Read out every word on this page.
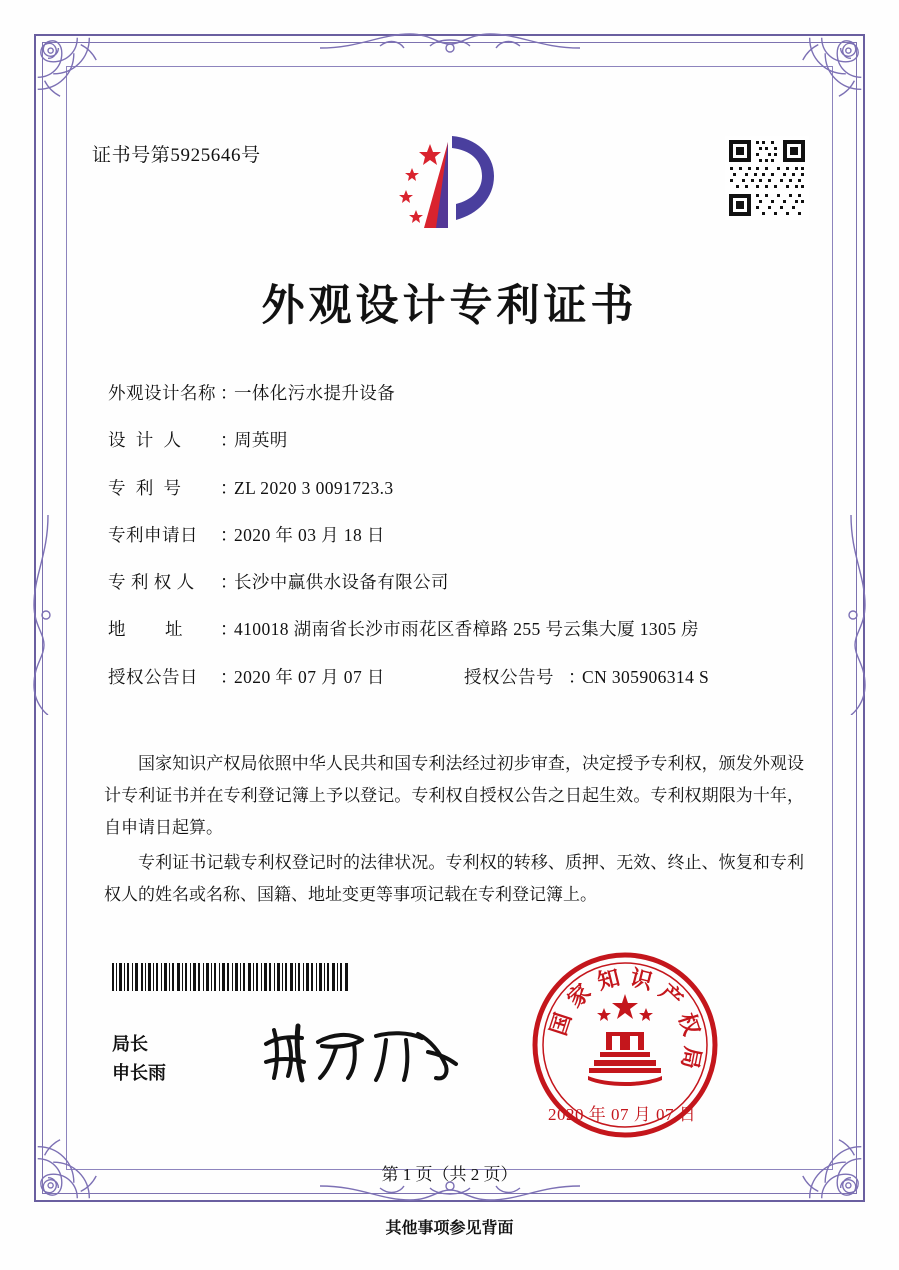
证书号第5925646号
外观设计专利证书
外观设计名称 ：
一体化污水提升设备
设  计  人	：
周英明
专  利  号	：
ZL 2020 3 0091723.3
专利申请日	：
2020 年 03 月 18 日
专 利 权 人	：
长沙中赢供水设备有限公司
地        址	：
410018 湖南省长沙市雨花区香樟路 255 号云集大厦 1305 房
授权公告日	：
2020 年 07 月 07 日	授权公告号 ：
CN 305906314 S

国家知识产权局依照中华人民共和国专利法经过初步审查，决定授予专利权，颁发外观设计专利证书并在专利登记簿上予以登记。专利权自授权公告之日起生效。专利权期限为十年，自申请日起算。

专利证书记载专利权登记时的法律状况。专利权的转移、质押、无效、终止、恢复和专利权人的姓名或名称、国籍、地址变更等事项记载在专利登记簿上。

局长
申长雨
国
家
知 识
产
权
局
2020 年 07 月 07 日
第 1 页（共 2 页）
其他事项参见背面
